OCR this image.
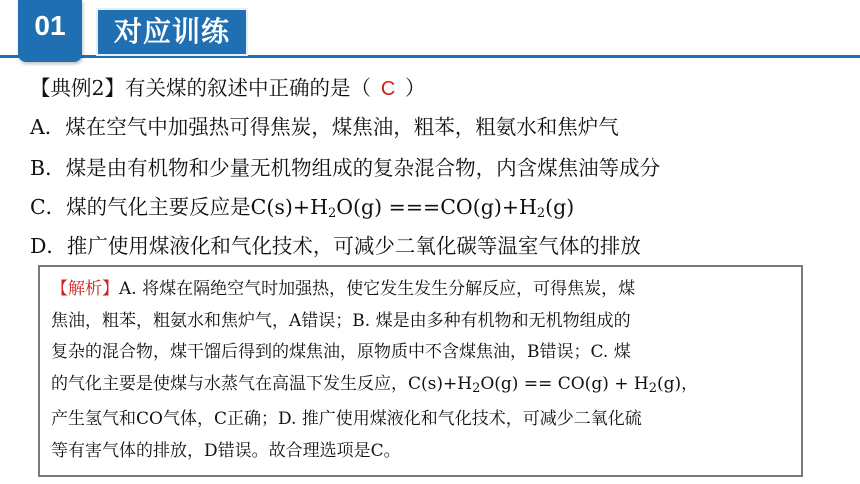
01	对应训练
【典例2】有关煤的叙述中正确的是（ C ）
A．煤在空气中加强热可得焦炭，煤焦油，粗苯，粗氨水和焦炉气
B．煤是由有机物和少量无机物组成的复杂混合物，内含煤焦油等成分
C．煤的气化主要反应是$C(s)+H_2O(g) ===CO(g)+H_2(g)$
D．推广使用煤液化和气化技术，可减少二氧化碳等温室气体的排放
【解析】A. 将煤在隔绝空气时加强热，使它发生发生分解反应，可得焦炭，煤
焦油，粗苯，粗氨水和焦炉气，A错误；B. 煤是由多种有机物和无机物组成的
复杂的混合物，煤干馏后得到的煤焦油，原物质中不含煤焦油，B错误；C. 煤
的气化主要是使煤与水蒸气在高温下发生反应，$C(s)+H_2O(g) == CO(g) + H_2(g)$，
产生氢气和CO气体，C正确；D. 推广使用煤液化和气化技术，可减少二氧化硫
等有害气体的排放，D错误。故合理选项是C。
